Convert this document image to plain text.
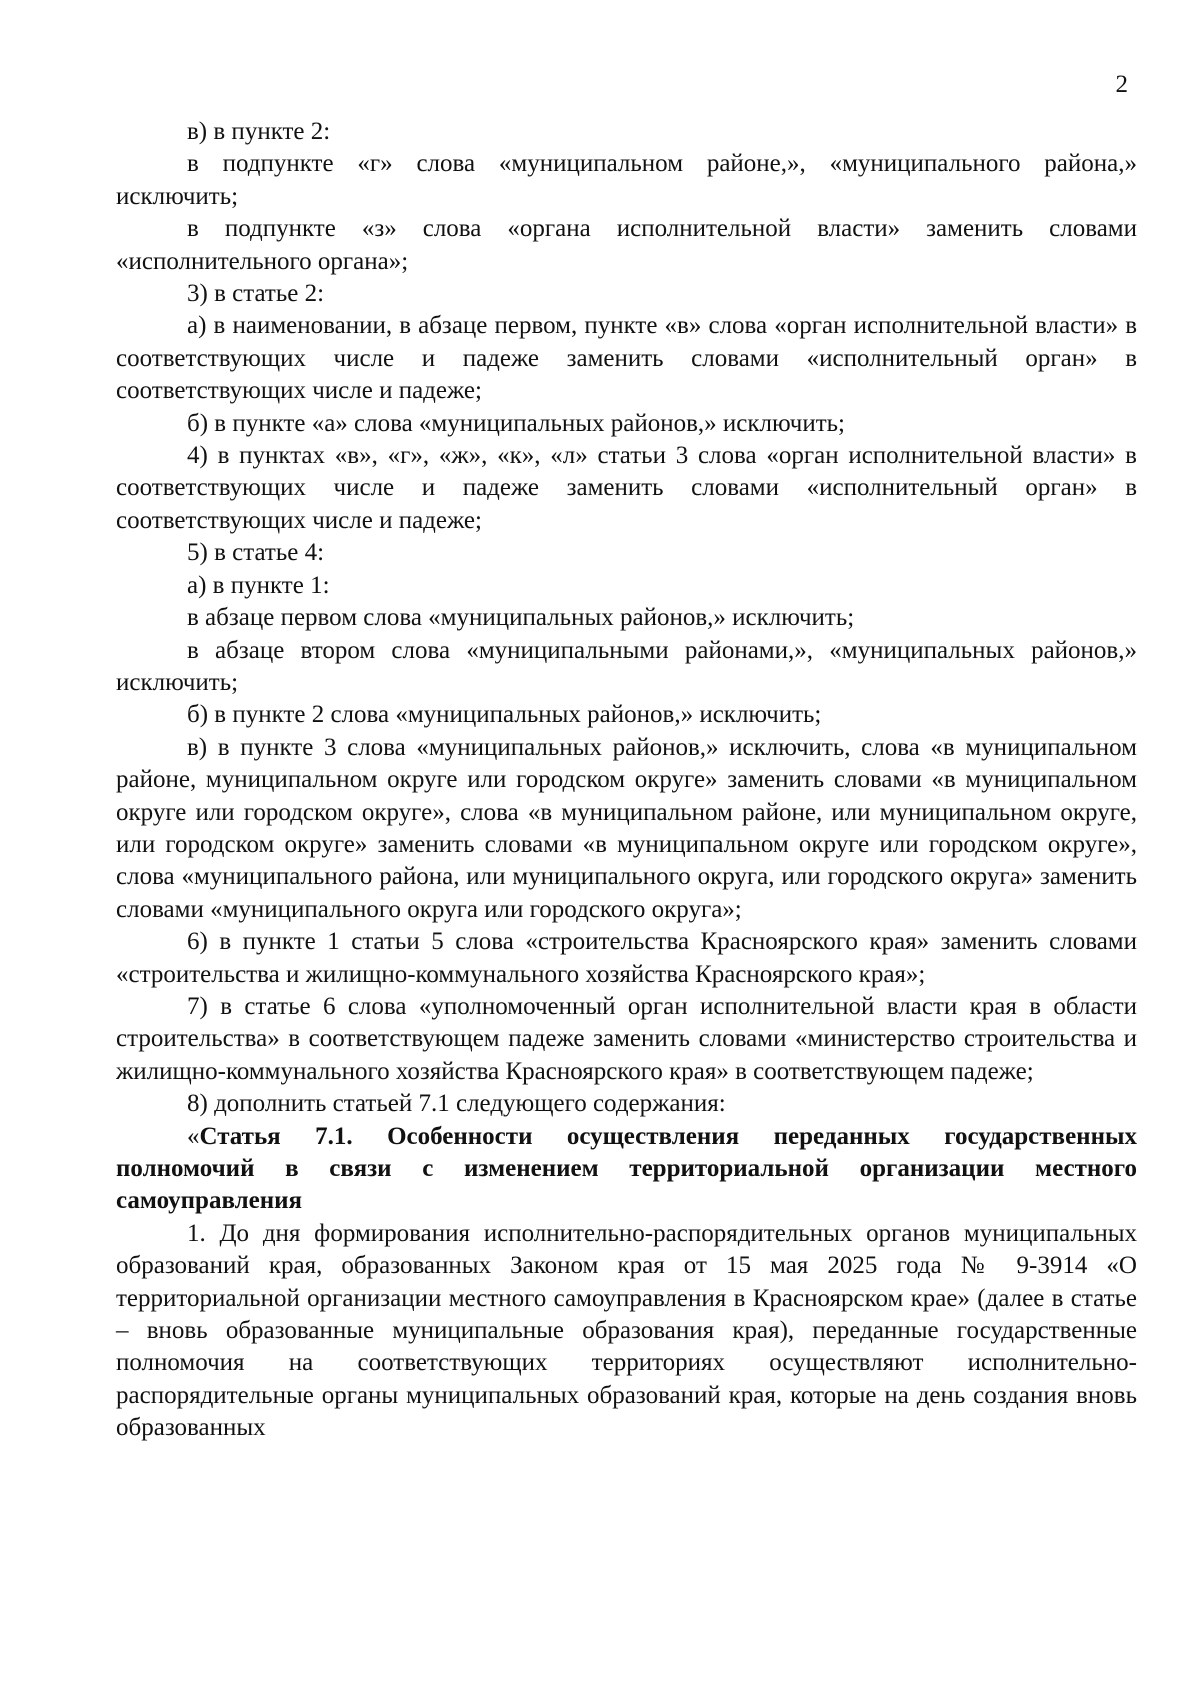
2

в) в пункте 2:

в подпункте «г» слова «муниципальном районе,», «муниципального района,» исключить;

в подпункте «з» слова «органа исполнительной власти» заменить словами «исполнительного органа»;

3) в статье 2:

а) в наименовании, в абзаце первом, пункте «в» слова «орган исполнительной власти» в соответствующих числе и падеже заменить словами «исполнительный орган» в соответствующих числе и падеже;

б) в пункте «а» слова «муниципальных районов,» исключить;

4) в пунктах «в», «г», «ж», «к», «л» статьи 3 слова «орган исполнительной власти» в соответствующих числе и падеже заменить словами «исполнительный орган» в соответствующих числе и падеже;

5) в статье 4:

а) в пункте 1:

в абзаце первом слова «муниципальных районов,» исключить;

в абзаце втором слова «муниципальными районами,», «муниципальных районов,» исключить;

б) в пункте 2 слова «муниципальных районов,» исключить;

в) в пункте 3 слова «муниципальных районов,» исключить, слова «в муниципальном районе, муниципальном округе или городском округе» заменить словами «в муниципальном округе или городском округе», слова «в муниципальном районе, или муниципальном округе, или городском округе» заменить словами «в муниципальном округе или городском округе», слова «муниципального района, или муниципального округа, или городского округа» заменить словами «муниципального округа или городского округа»;

6) в пункте 1 статьи 5 слова «строительства Красноярского края» заменить словами «строительства и жилищно-коммунального хозяйства Красноярского края»;

7) в статье 6 слова «уполномоченный орган исполнительной власти края в области строительства» в соответствующем падеже заменить словами «министерство строительства и жилищно-коммунального хозяйства Красноярского края» в соответствующем падеже;

8) дополнить статьей 7.1 следующего содержания:

«Статья 7.1. Особенности осуществления переданных государственных полномочий в связи с изменением территориальной организации местного самоуправления

1. До дня формирования исполнительно-распорядительных органов муниципальных образований края, образованных Законом края от 15 мая 2025 года № 9-3914 «О территориальной организации местного самоуправления в Красноярском крае» (далее в статье – вновь образованные муниципальные образования края), переданные государственные полномочия на соответствующих территориях осуществляют исполнительно-распорядительные органы муниципальных образований края, которые на день создания вновь образованных
